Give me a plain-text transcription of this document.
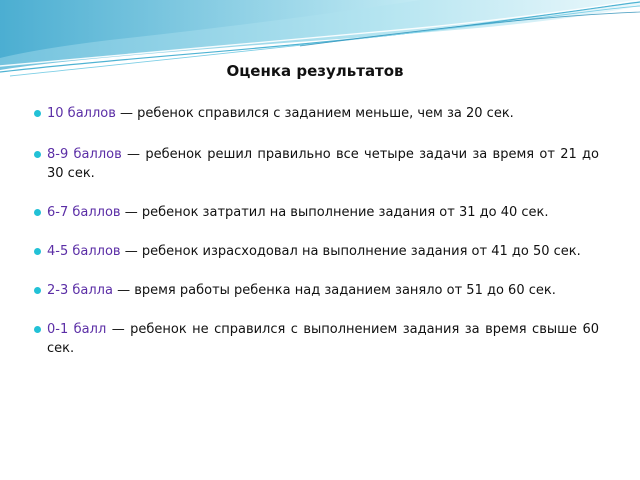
Оценка результатов
10 баллов — ребенок справился с заданием меньше, чем за 20 сек.
8-9 баллов — ребенок решил правильно все четыре задачи за время от 21 до 30 сек.
6-7 баллов — ребенок затратил на выполнение задания от 31 до 40 сек.
4-5 баллов — ребенок израсходовал на выполнение задания от 41 до 50 сек.
2-3 балла — время работы ребенка над заданием заняло от 51 до 60 сек.
0-1 балл — ребенок не справился с выполнением задания за время свыше 60 сек.
